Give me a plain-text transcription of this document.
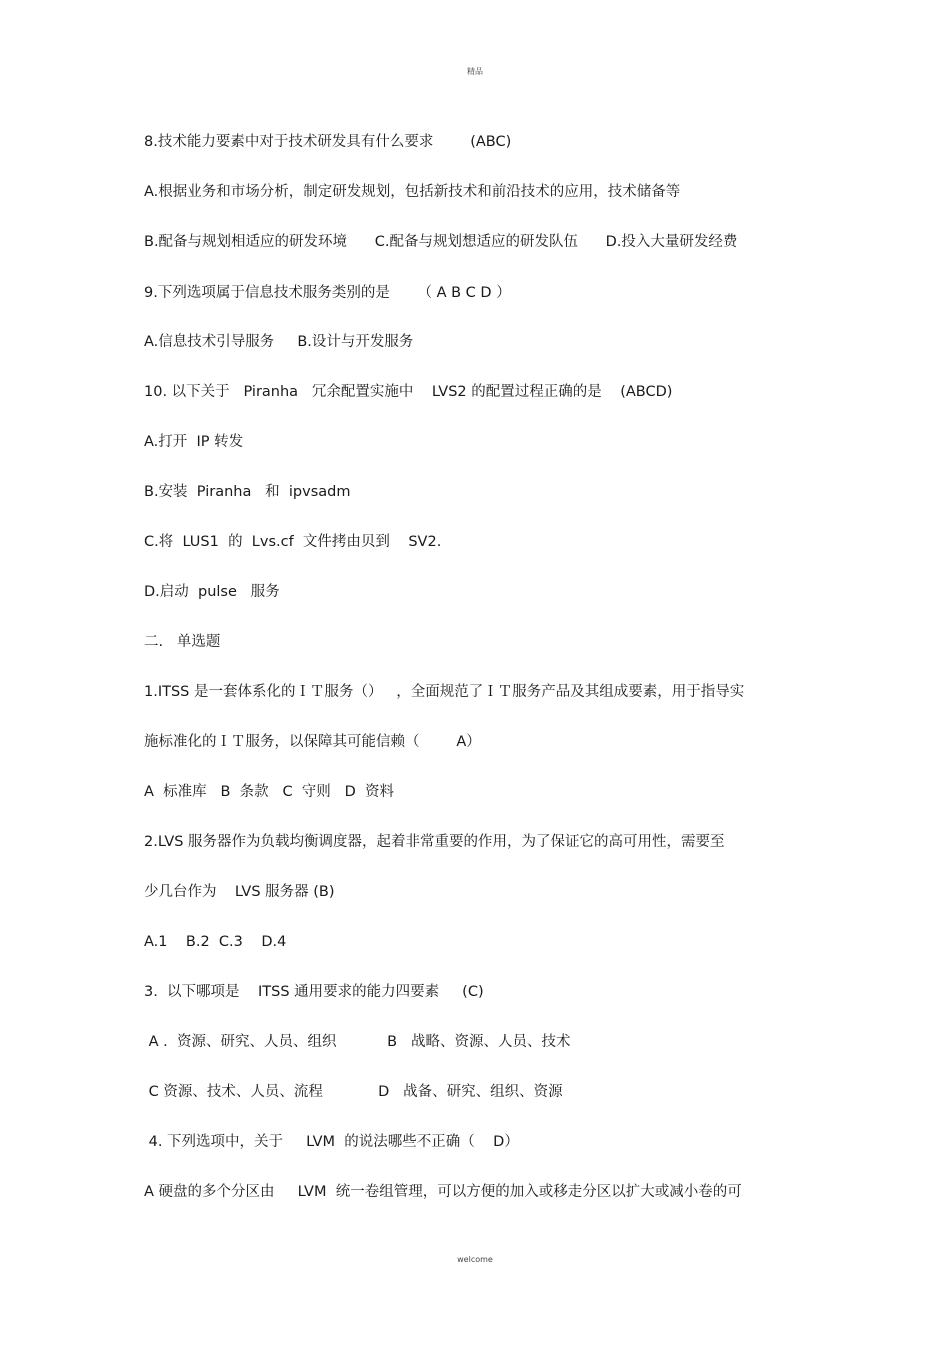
精品
8.技术能力要素中对于技术研发具有什么要求        (ABC)
A.根据业务和市场分析，制定研发规划，包括新技术和前沿技术的应用，技术储备等
B.配备与规划相适应的研发环境      C.配备与规划想适应的研发队伍      D.投入大量研发经费
9.下列选项属于信息技术服务类别的是      （ A B C D ）
A.信息技术引导服务     B.设计与开发服务
10. 以下关于   Piranha   冗余配置实施中    LVS2 的配置过程正确的是    (ABCD)
A.打开  IP 转发
B.安装  Piranha   和  ipvsadm
C.将  LUS1  的  Lvs.cf  文件拷由贝到    SV2.
D.启动  pulse   服务
二.   单选题
1.ITSS 是一套体系化的ＩＴ服务（）   ，全面规范了ＩＴ服务产品及其组成要素，用于指导实
施标准化的ＩＴ服务，以保障其可能信赖（        A）
A  标准库   B  条款   C  守则   D  资料
2.LVS 服务器作为负载均衡调度器，起着非常重要的作用，为了保证它的高可用性，需要至
少几台作为    LVS 服务器 (B)
A.1    B.2  C.3    D.4
3.  以下哪项是    ITSS 通用要求的能力四要素     (C)
A .  资源、研究、人员、组织           B   战略、资源、人员、技术
C 资源、技术、人员、流程            D   战备、研究、组织、资源
4. 下列选项中，关于     LVM  的说法哪些不正确（    D）
A 硬盘的多个分区由     LVM  统一卷组管理，可以方便的加入或移走分区以扩大或减小卷的可
welcome
